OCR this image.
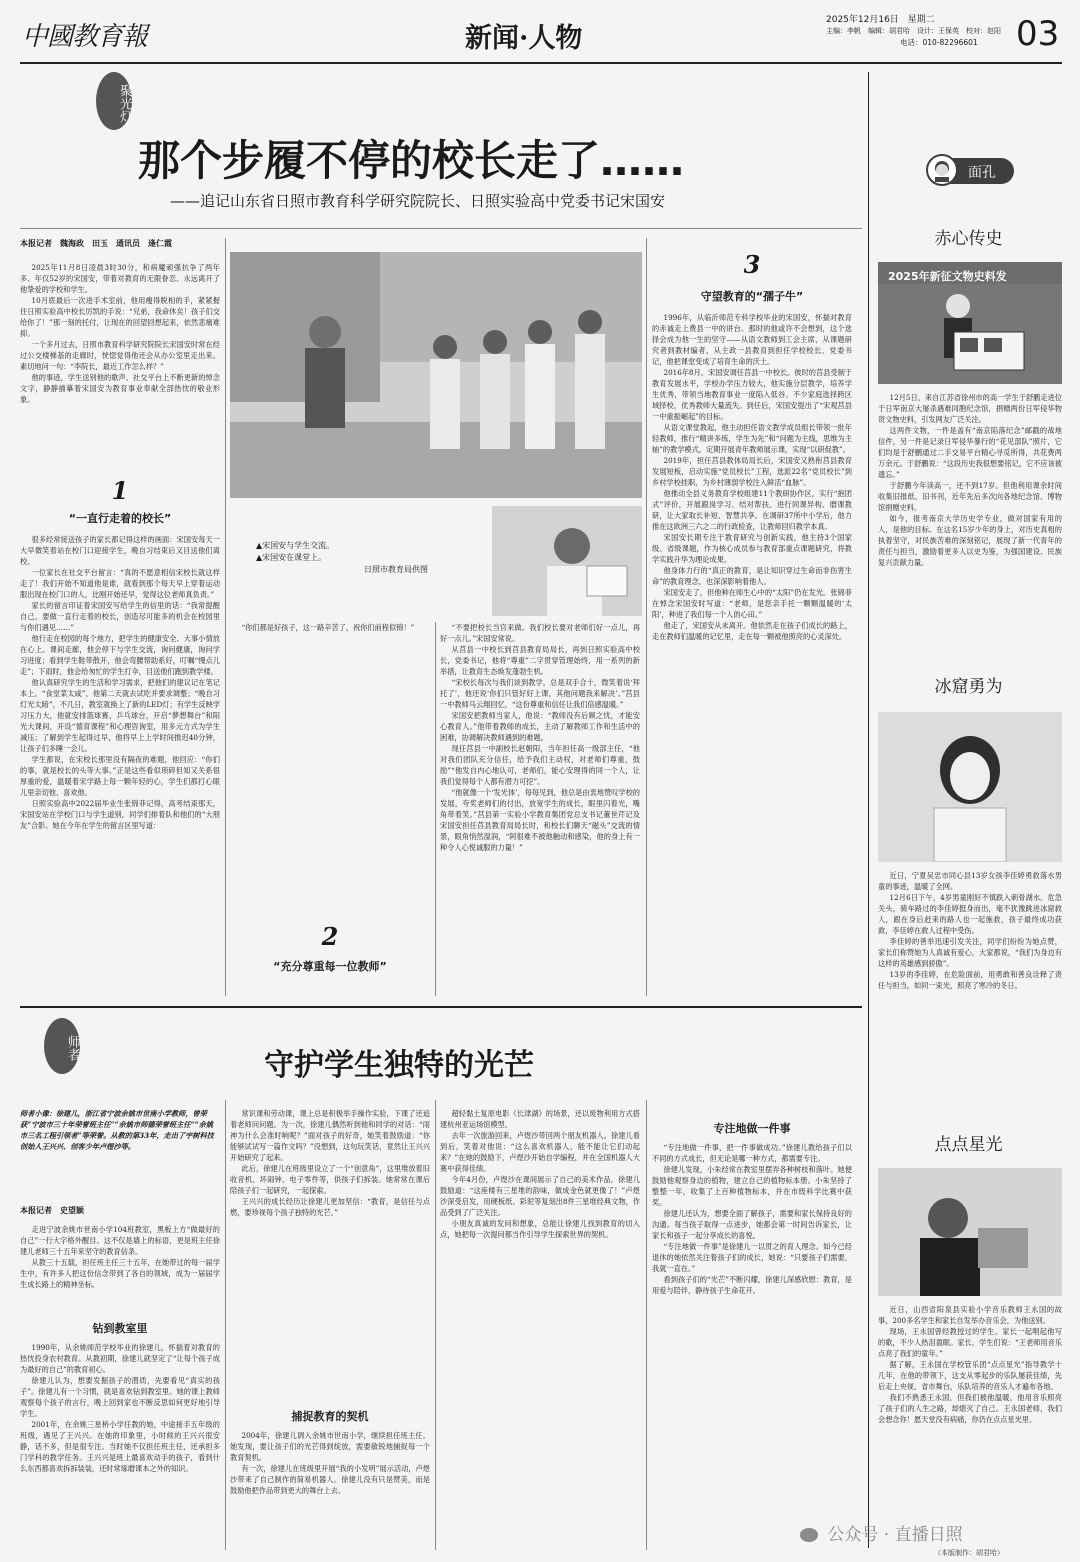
中國教育報	新闻·人物
2025年12月16日 星期二
主编：李帆　编辑：胡君哈　设计：王保英　校对：赵阳
电话：010-82296601 03
聚光灯
那个步履不停的校长走了……
——追记山东省日照市教育科学研究院院长、日照实验高中党委书记宋国安
本报记者　魏海政　田玉　通讯员　逢仁霞

2025年11月8日凌晨3时30分，和病魔顽强抗争了两年多、年仅52岁的宋国安，带着对教育的无限眷恋、永远离开了他挚爱的学校和学生。

10月底最后一次进手术室前，他用瘦得脱相的手，紧紧握住日照实验高中校长厉凯的手说：“兄弟，我命休矣！孩子们交给你了！”那一刻的托付，让现在的回望回想起来，依然悲痛难抑。

一个多月过去，日照市教育科学研究院院长宋国安时常在经过公交楼梯基的走廊时，恍惚觉得他还会从办公室里走出来。素切地问一句：“李院长，最近工作怎么样？”

他的事迹，学生送别他的歌声、社交平台上不断更新的悼念文字，静静描摹着宋国安为教育事业奉献全部热忱的敬业形象。

1
“一直行走着的校长”

很多经常接送孩子的家长都记得这样的画面：宋国安每天一大早微笑着站在校门口迎接学生，晚自习结束后又目送他们离校。

一位家长在社交平台留言：“真的不愿意相信宋校长就这样走了！我们开始不知道他是谁，就看到那个每天早上穿着运动服出现在校门口的人，比刚开始还早，觉得这位老师真负责。”

家长的留言印证着宋国安写给学生的信里的话：“我常提醒自己，要做一直行走着的校长，创造尽可能多的机会在校园里与你们遇见……”

他行走在校园的每个地方，把学生的健康安全、大事小情放在心上。课间走廊，他会停下与学生交流，询问健康，询问学习进度；看到学生鞋带散开，他会弯腰帮助系好，叮嘱“慢点儿走”；下雨时，他会给匆忙的学生打伞，目送他们跑到教学楼。

他认真研究学生的生活和学习需求，把他们的建议记在笔记本上。“食堂菜太咸”，他第二天就去试吃并要求调整；“晚自习灯光太暗”，不几日，教室就换上了新的LED灯；有学生反映学习压力大，他就安排篮球赛、乒乓球台，开启“夢想舞台”和阳光大课间，开设“德育课程”和心理咨询室，用多元方式为学生减压；了解到学生起得过早，他将早上上学时间推迟40分钟，让孩子们多睡一会儿。

学生都说，在宋校长那里没有隔夜的难题，他回应：“你们的事，就是校长的头等大事。”正是这些看似琐碎但知又关系很厚重的爱，温暖着宋学路上每一颗年轻的心，学生们都打心眼儿里亲切他、喜欢他。

日照实验高中2022届毕业生张锦菲记得，高考结束那天，宋国安站在学校门口与学生道别，同学们排着队和他们的“大朋友”合影。她在今年在学生的留言区里写道：

▲宋国安与学生交流。
▲宋国安在课堂上。
日照市教育局供图

“你们都是好孩子，这一路辛苦了，祝你们前程似锦！”

2
“充分尊重每一位教师”

“不要把校长当官来做。我们校长要对老师们好一点儿，再好一点儿。”宋国安常说。

从莒县一中校长到莒县教育局局长，再到日照实验高中校长，党委书记，他将“尊重”二字贯穿管理始终，用一系列的新举措，让教育生态焕发蓬勃生机。

“宋校长每次与我们谈到教学，总是双手合十，微笑着说‘拜托了’，他还说‘你们只管好好上课，其他问题我来解决’。”莒县一中教师马云翔回忆，“这份尊重和信任让我们倍感温暖。”

宋国安把教师当家人，他说：“教师没有后顾之忧，才能安心教育人。”他带着教师的成长，主动了解教师工作和生活中的困难，协调解决教师遇到的难题。

现任莒县一中副校长赵朝阳，当年担任高一级部主任，“他对我们团队充分信任，给予我们主动权，对老师们尊重，鼓励”“他发自内心地认可，老师们，能心安理得的同一个人，让我们觉得每个人都有潜力可挖”。

“他就像一个‘发光体’，每每见到，他总是由衷地赞叹学校的发展，夸奖老师们的付出，放宽学生的成长，眼里闪着光，嘴角带着笑。”莒县第一实验小学教育集团党总支书记董世芹记及宋国安担任莒县教育局局长时，和校长们聊天“磁头”交流的情景，眼角悄然湿润，“阿很难不被他触动和感染，他的身上有一种令人心悦诚服的力量！”

3
守望教育的“孺子牛”

1996年，从临沂师范专科学校毕业的宋国安，怀揣对教育的赤诚走上费县一中的讲台。那时的他或许不会想到，这个选择会成为他一生的坚守——从语文教师到工会主席，从课题研究者到教材编者，从主政一县教育到担任学校校长、党委书记，他把课堂变成了培育生命的沃土。

2016年8月，宋国安调任莒县一中校长。彼时的莒县受制于教育发展水平，学校办学压力较大，他实施分层教学，培养学生优秀，带领当地教育事业一度陷入低谷。不少家庭选择跨区域择校，优秀教师大量流失。到任后，宋国安提出了“宋观莒县一中重振崛起”的目标。

从语文课堂教起，他主动担任语文教学成员组长带领一批年轻教师，推行“精讲多练，学生为先”和“问题为主线，思维为主轴”的教学模式，定期开展青年教师展示课，实现“以研促教”。

2019年，担任莒县教体局局长后，宋国安又熟衔莒县教育发展短板，启动实施“党员校长”工程，选派22名“党员校长”到乡村学校挂职，为乡村薄弱学校注入鲜活“血脉”。

他推动全县义务教育学校组建11个教研协作区，实行“抱团式”评价，开展跟岗学习、结对帮扶、进行同课异构、磨课教研，让大家取长补短、智慧共享。在调研37所中小学后，他力推在这欧洲三六之二的行政检查，让教师回归教学本真。

宋国安长期专注于教育研究与创新实践，他主持3个国家级、省级课题，作为核心成员参与教育部重点课题研究，将教学实践升华为理论成果。

他身体力行的“真正的教育，是让知识穿过生命而非伤害生命”的教育理念，也深深影响着他人。

宋国安走了，但他种在师生心中的“太阳”仍在发光。张锦菲在悼念宋国安时写道：“老师，是您亲手托一颗颗温暖的‘太阳’，种进了我们每一个人的心田。”

他走了，宋国安从未离开。他依然走在孩子们成长的路上，走在教师们温暖的记忆里，走在每一颗被他照亮的心灵深处。

面孔
赤心传史
2025年新征文物史料发

12月5日，来自江苏省徐州市的高一学生于舒鹏走进位于日军南京大屠杀遇难同胞纪念馆，捐赠两份日军侵华物资文物史料，引发网友广泛关注。

这两件文物，一件是盖有“南京陷落纪念”邮戳的战地信件，另一件是记录日军侵华暴行的“花见部队”照片，它们均是于舒鹏通过二手交易平台精心寻觅所得，共花费两万余元。于舒鹏说：“这段历史我很想要铭记，它不应该被遗忘。”

于舒鹏今年读高一，还不到17岁。但他利用课余时间收集旧报纸、旧书刊，近年先后多次向各地纪念馆、博物馆捐赠史料。

如今，报考南京大学历史学专业，做对国家有用的人，是他的目标。在这名15岁少年的身上，对历史真相的执着坚守，对民族苦难的深刻铭记，展现了新一代青年的责任与担当，激励着更多人以史为鉴，为强国建设、民族复兴贡献力量。

冰窟勇为

近日，宁夏吴忠市同心县13岁女孩李佳婷勇救落水男童的事迹，温暖了全网。

12月6日下午，4岁男童刚好不慎跌入刺骨湖水。危急关头，骑车路过的李佳婷挺身而出，毫不犹豫跳进冰窟救人，跟在身后赶来的路人也一起施救，孩子最终成功获救，李佳婷在救人过程中受伤。

李佳婷的善举迅速引发关注，同学们纷纷为她点赞，家长们称赞她为人真诚有爱心，大家都说，“我们为身边有这样的英雄感到骄傲”。

13岁的李佳婷，在危险面前，用勇敢和善良诠释了责任与担当，如同一束光，照亮了寒冷的冬日。

点点星光

近日，山西省阳泉县实验小学音乐教师王永国的故事，200多名学生和家长自发举办音乐会，为他送别。

现场，王永国曾经教授过的学生、家长一起唱起他写的歌，不少人热泪盈眶。家长、学生们说：“王老师用音乐点亮了我们的童年。”

据了解，王永国在学校管乐团“点点星光”指导教学十几年，在他的带领下，这支从零起步的乐队屡获佳绩，先后走上央视、省市舞台，乐队培养的音乐人才遍布各地。

我们不熟悉王永国，但我们被他温暖，他用音乐照亮了孩子们的人生之路，却熄灭了自己。王永国老师，我们会想念你！愿天堂没有病痛，你仍在点点星光里。

师者	守护学生独特的光芒
师者小像：徐建儿，浙江省宁波余姚市世南小学教师，曾荣获“宁波市三十年荣誉班主任”“余姚市师德荣誉班主任”“余姚市三名工程引领者”等荣誉。从教的第33年，走出了宇树科技创始人王兴兴、创客少年卢煜沙等。
本报记者　史望颖

走进宁波余姚市世南小学104班教室，黑板上方“做最好的自己”一行大字格外醒目。这不仅是墙上的标语，更是班主任徐建儿老师三十五年来坚守的教育信条。

从教三十五载，担任班主任三十五年，在她带过的每一届学生中，有许多人把这份信念带到了各自的领域，成为一届届学生成长路上的精神坐标。

钻到教室里

1990年，从余姚师范学校毕业的徐建儿，怀揣着对教育的热忱投身农村教育。从教初期，徐建儿就坚定了“让每个孩子成为最好的自己”的教育初心。

徐建儿认为，想要发掘孩子的潜质，先要看见“真实的孩子”。徐建儿有一个习惯，就是喜欢钻到教室里。她的课上教师观察每个孩子的言行，晚上回到家也不断反思如何更好地引导学生。

2001年，在余姚三星桥小学任教的她，中途接手五年级的班级，遇见了王兴兴。在她的印象里，小时候的王兴兴很安静，话不多，但是很专注。当时她不仅担任班主任，还承担多门学科的教学任务。王兴兴是班上最喜欢动手的孩子，看到什么东西都喜欢拆拆装装，还时常琢磨课本之外的知识。

常识课和劳动课，课上总是积极举手操作实验，下课了还追着老师问问题。为一次，徐建儿偶然听到他和同学的对话：“雨神为什么会准时响呢？”面对孩子的好奇，她笑着鼓励道：“你能够试试写一篇作文吗？”没想到，这句玩笑话，竟然让王兴兴开始研究了起来。

此后，徐建儿在班级里设立了一个“创意角”，这里堆放着旧收音机、坏闹钟、电子零件等，供孩子们拆装。她常常在课后陪孩子们一起研究，一起探索。

王兴兴的成长经历让徐建儿更加坚信：“教育，是信任与点燃，要珍视每个孩子独特的光芒。”

捕捉教育的契机

2004年，徐建儿调入余姚市世南小学，继续担任班主任。她发现，要让孩子们的光芒得到绽放，需要敏锐地捕捉每一个教育契机。

有一次，徐建儿在班级里开展“我的小发明”展示活动，卢煜沙带来了自己制作的简易机器人。徐建儿没有只是赞美，而是鼓励他把作品带到更大的舞台上去。

超轻黏土复原电影《长津湖》的场景，还以废物利用方式搭建杭州亚运场馆模型。

去年一次旅游回来，卢煜沙带回两个朋友机器人。徐建儿看到后，笑着对他说：“这么喜欢机器人，能不能让它们动起来？”在她的鼓励下，卢煜沙开始自学编程，并在全国机器人大赛中获得佳绩。

今年4月份，卢煜沙在课间展示了自己的美术作品，徐建儿鼓励道：“这座楼有三星堆的韵味，做成金色就更像了！”卢煜沙深受启发，用硬板纸、彩泥等复刻出8件三星堆经典文物，作品受到了广泛关注。

小朋友真诚的发问和想象，总能让徐建儿找到教育的切入点，她把每一次提问都当作引导学生探索世界的契机。

专注地做一件事

“专注地做一件事，把一件事做成功。”徐建儿教给孩子们以不同的方式成长，但无论是哪一种方式，都需要专注。

徐建儿发现，小朱经常在教室里摆弄各种树枝和落叶。她便鼓励他观察身边的植物，建立自己的植物标本册。小朱坚持了整整一年，收集了上百种植物标本，并在市级科学比赛中获奖。

徐建儿还认为，想要全面了解孩子，需要和家长保持良好的沟通。每当孩子取得一点进步，她都会第一时间告诉家长，让家长和孩子一起分享成长的喜悦。

“专注地做一件事”是徐建儿一以贯之的育人理念。如今已经退休的她依然关注着孩子们的成长，她说：“只要孩子们需要，我就一直在。”

看到孩子们的“光芒”不断闪耀，徐建儿深感欣慰：教育，是用爱与陪伴，静待孩子生命花开。

公众号 · 直播日照
（本版制作：胡君哈）
